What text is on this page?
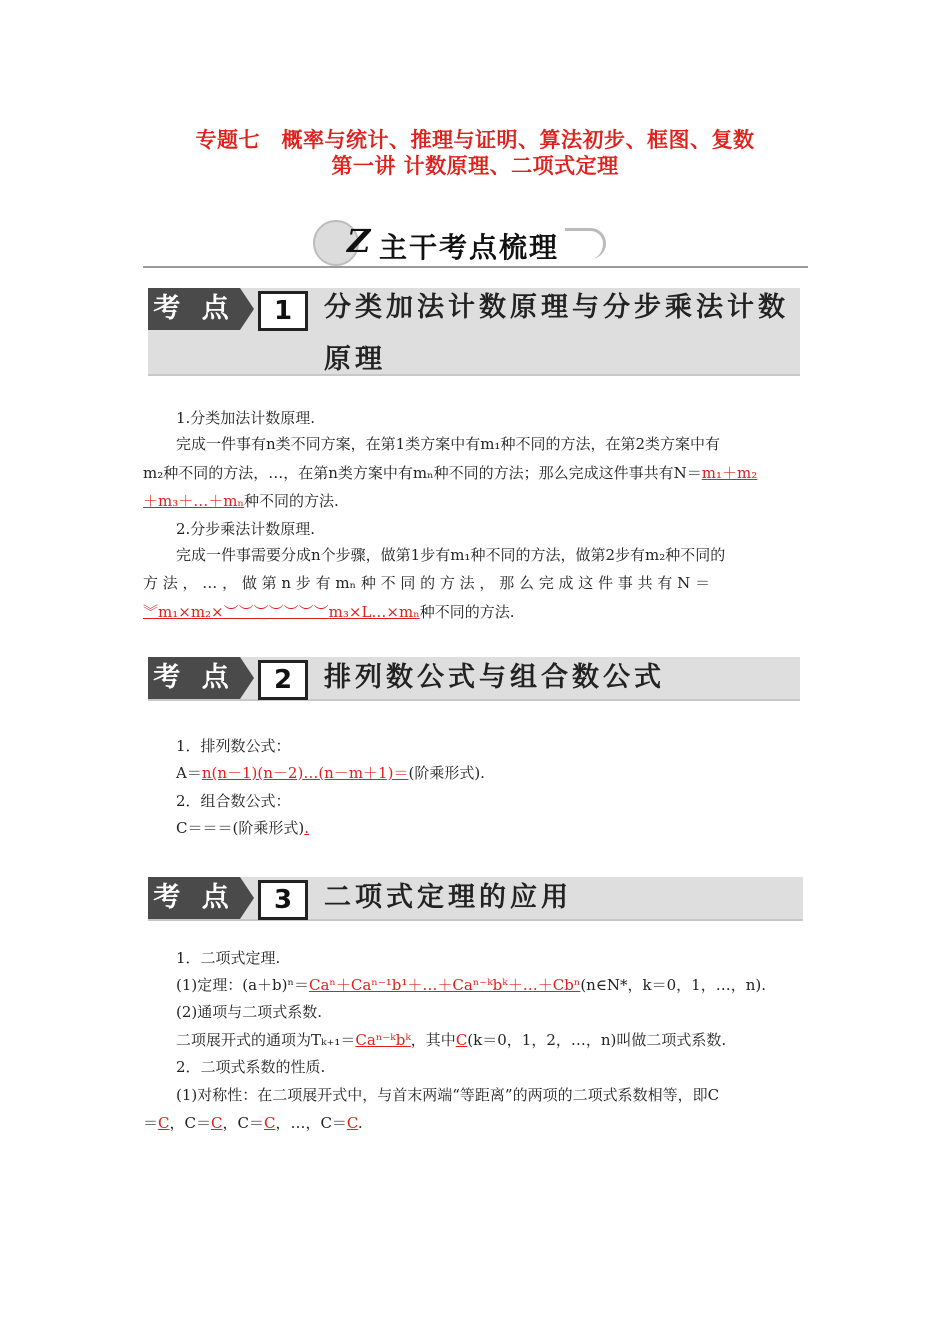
专题七　概率与统计、推理与证明、算法初步、框图、复数
第一讲 计数原理、二项式定理
Z 主干考点梳理
考 点	1	分类加法计数原理与分步乘法计数原理
1.分类加法计数原理.
完成一件事有n类不同方案，在第1类方案中有m₁种不同的方法，在第2类方案中有
m₂种不同的方法，…，在第n类方案中有mₙ种不同的方法；那么完成这件事共有N＝m₁＋m₂
＋m₃＋…＋mₙ种不同的方法.
2.分步乘法计数原理.
完成一件事需要分成n个步骤，做第1步有m₁种不同的方法，做第2步有m₂种不同的
方 法 ， … ， 做 第 n 步 有 mₙ 种 不 同 的 方 法 ， 那 么 完 成 这 件 事 共 有 N ＝
︾m₁×m₂×︶︶︶︶︶︶︶m₃×L…×mₙ种不同的方法.
考 点	2	排列数公式与组合数公式
1．排列数公式：
A＝n(n－1)(n－2)…(n－m＋1)＝(阶乘形式).
2．组合数公式：
C＝＝＝(阶乘形式).
考 点	3	二项式定理的应用
1．二项式定理.
(1)定理：(a＋b)ⁿ＝Caⁿ＋Caⁿ⁻¹b¹＋…＋Caⁿ⁻ᵏbᵏ＋…＋Cbⁿ(n∈N*，k＝0，1，…，n).
(2)通项与二项式系数.
二项展开式的通项为Tₖ₊₁＝Caⁿ⁻ᵏbᵏ，其中C(k＝0，1，2，…，n)叫做二项式系数.
2．二项式系数的性质.
(1)对称性：在二项展开式中，与首末两端“等距离”的两项的二项式系数相等，即C
＝C，C＝C，C＝C，…，C＝C.
